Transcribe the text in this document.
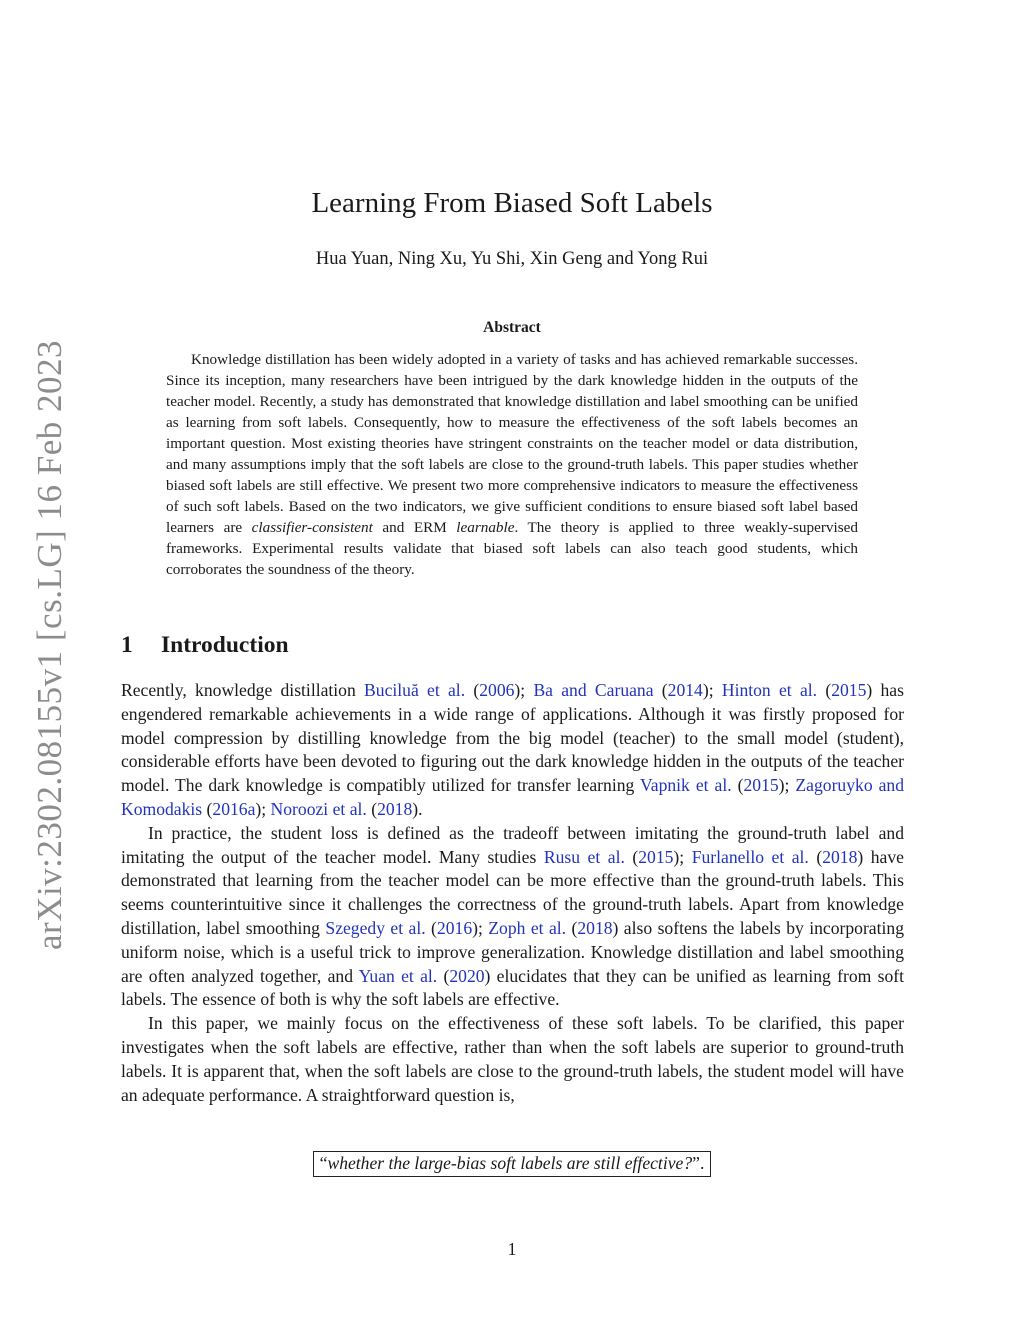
arXiv:2302.08155v1 [cs.LG] 16 Feb 2023
Learning From Biased Soft Labels
Hua Yuan, Ning Xu, Yu Shi, Xin Geng and Yong Rui
Abstract

Knowledge distillation has been widely adopted in a variety of tasks and has achieved remarkable successes. Since its inception, many researchers have been intrigued by the dark knowledge hidden in the outputs of the teacher model. Recently, a study has demonstrated that knowledge distillation and label smoothing can be unified as learning from soft labels. Consequently, how to measure the effectiveness of the soft labels becomes an important question. Most existing theories have stringent constraints on the teacher model or data distribution, and many assumptions imply that the soft labels are close to the ground-truth labels. This paper studies whether biased soft labels are still effective. We present two more comprehensive indicators to measure the effectiveness of such soft labels. Based on the two indicators, we give sufficient conditions to ensure biased soft label based learners are classifier-consistent and ERM learnable. The theory is applied to three weakly-supervised frameworks. Experimental results validate that biased soft labels can also teach good students, which corroborates the soundness of the theory.

1 Introduction

Recently, knowledge distillation Buciluă et al. (2006); Ba and Caruana (2014); Hinton et al. (2015) has engendered remarkable achievements in a wide range of applications. Although it was firstly proposed for model compression by distilling knowledge from the big model (teacher) to the small model (student), considerable efforts have been devoted to figuring out the dark knowledge hidden in the outputs of the teacher model. The dark knowledge is compatibly utilized for transfer learning Vapnik et al. (2015); Zagoruyko and Komodakis (2016a); Noroozi et al. (2018).

In practice, the student loss is defined as the tradeoff between imitating the ground-truth label and imitating the output of the teacher model. Many studies Rusu et al. (2015); Furlanello et al. (2018) have demonstrated that learning from the teacher model can be more effective than the ground-truth labels. This seems counterintuitive since it challenges the correctness of the ground-truth labels. Apart from knowledge distillation, label smoothing Szegedy et al. (2016); Zoph et al. (2018) also softens the labels by incorporating uniform noise, which is a useful trick to improve generalization. Knowledge distillation and label smoothing are often analyzed together, and Yuan et al. (2020) elucidates that they can be unified as learning from soft labels. The essence of both is why the soft labels are effective.

In this paper, we mainly focus on the effectiveness of these soft labels. To be clarified, this paper investigates when the soft labels are effective, rather than when the soft labels are superior to ground-truth labels. It is apparent that, when the soft labels are close to the ground-truth labels, the student model will have an adequate performance. A straightforward question is,

“whether the large-bias soft labels are still effective?”.
1
